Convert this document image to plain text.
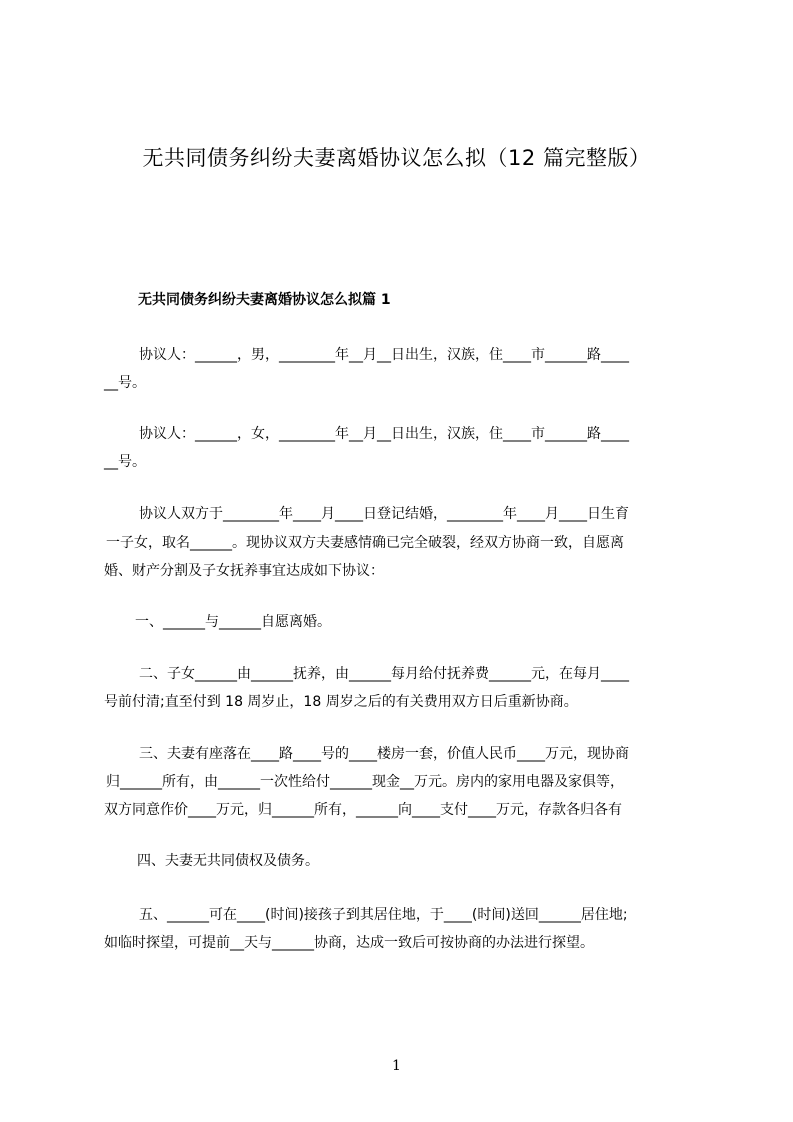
无共同债务纠纷夫妻离婚协议怎么拟（12 篇完整版）
无共同债务纠纷夫妻离婚协议怎么拟篇 1
协议人：______，男，________年__月__日出生，汉族，住____市______路____
__号。
协议人：______，女，________年__月__日出生，汉族，住____市______路____
__号。
协议人双方于________年____月____日登记结婚，________年____月____日生育
一子女，取名______。现协议双方夫妻感情确已完全破裂，经双方协商一致，自愿离
婚、财产分割及子女抚养事宜达成如下协议：
一、______与______自愿离婚。
二、子女______由______抚养，由______每月给付抚养费______元，在每月____
号前付清;直至付到 18 周岁止，18 周岁之后的有关费用双方日后重新协商。
三、夫妻有座落在____路____号的____楼房一套，价值人民币____万元，现协商
归______所有，由______一次性给付______现金__万元。房内的家用电器及家俱等，
双方同意作价____万元，归______所有，______向____支付____万元，存款各归各有
四、夫妻无共同债权及债务。
五、______可在____(时间)接孩子到其居住地，于____(时间)送回______居住地;
如临时探望，可提前__天与______协商，达成一致后可按协商的办法进行探望。
1
